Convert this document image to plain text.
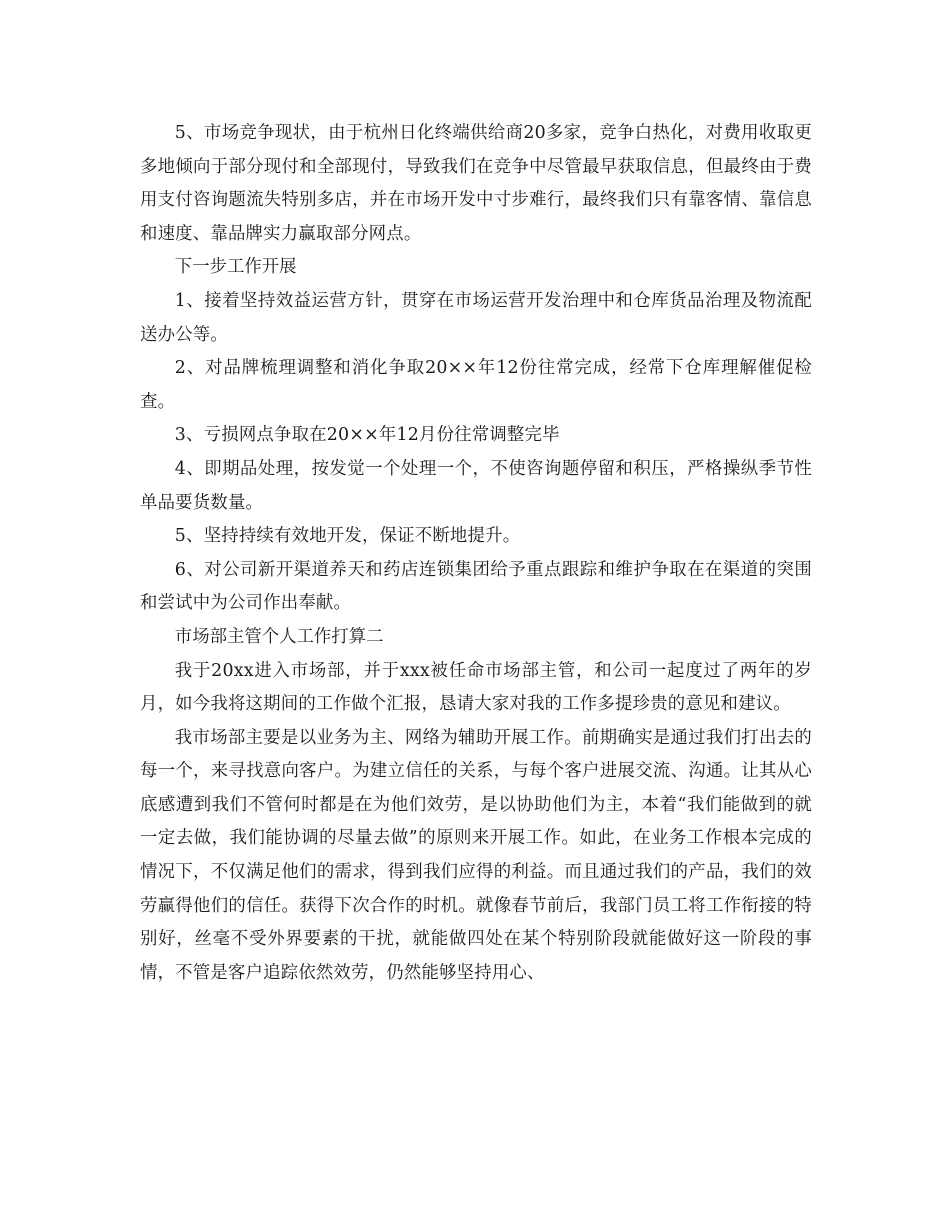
5、市场竞争现状，由于杭州日化终端供给商20多家，竞争白热化，对费用收取更多地倾向于部分现付和全部现付，导致我们在竞争中尽管最早获取信息，但最终由于费用支付咨询题流失特别多店，并在市场开发中寸步难行，最终我们只有靠客情、靠信息和速度、靠品牌实力赢取部分网点。

下一步工作开展

1、接着坚持效益运营方针，贯穿在市场运营开发治理中和仓库货品治理及物流配送办公等。

2、对品牌梳理调整和消化争取20××年12份往常完成，经常下仓库理解催促检查。

3、亏损网点争取在20××年12月份往常调整完毕

4、即期品处理，按发觉一个处理一个，不使咨询题停留和积压，严格操纵季节性单品要货数量。

5、坚持持续有效地开发，保证不断地提升。

6、对公司新开渠道养天和药店连锁集团给予重点跟踪和维护争取在在渠道的突围和尝试中为公司作出奉献。

市场部主管个人工作打算二

我于20xx进入市场部，并于xxx被任命市场部主管，和公司一起度过了两年的岁月，如今我将这期间的工作做个汇报，恳请大家对我的工作多提珍贵的意见和建议。

我市场部主要是以业务为主、网络为辅助开展工作。前期确实是通过我们打出去的每一个，来寻找意向客户。为建立信任的关系，与每个客户进展交流、沟通。让其从心底感遭到我们不管何时都是在为他们效劳，是以协助他们为主，本着“我们能做到的就一定去做，我们能协调的尽量去做”的原则来开展工作。如此，在业务工作根本完成的情况下，不仅满足他们的需求，得到我们应得的利益。而且通过我们的产品，我们的效劳赢得他们的信任。获得下次合作的时机。就像春节前后，我部门员工将工作衔接的特别好，丝毫不受外界要素的干扰，就能做四处在某个特别阶段就能做好这一阶段的事情，不管是客户追踪依然效劳，仍然能够坚持用心、
